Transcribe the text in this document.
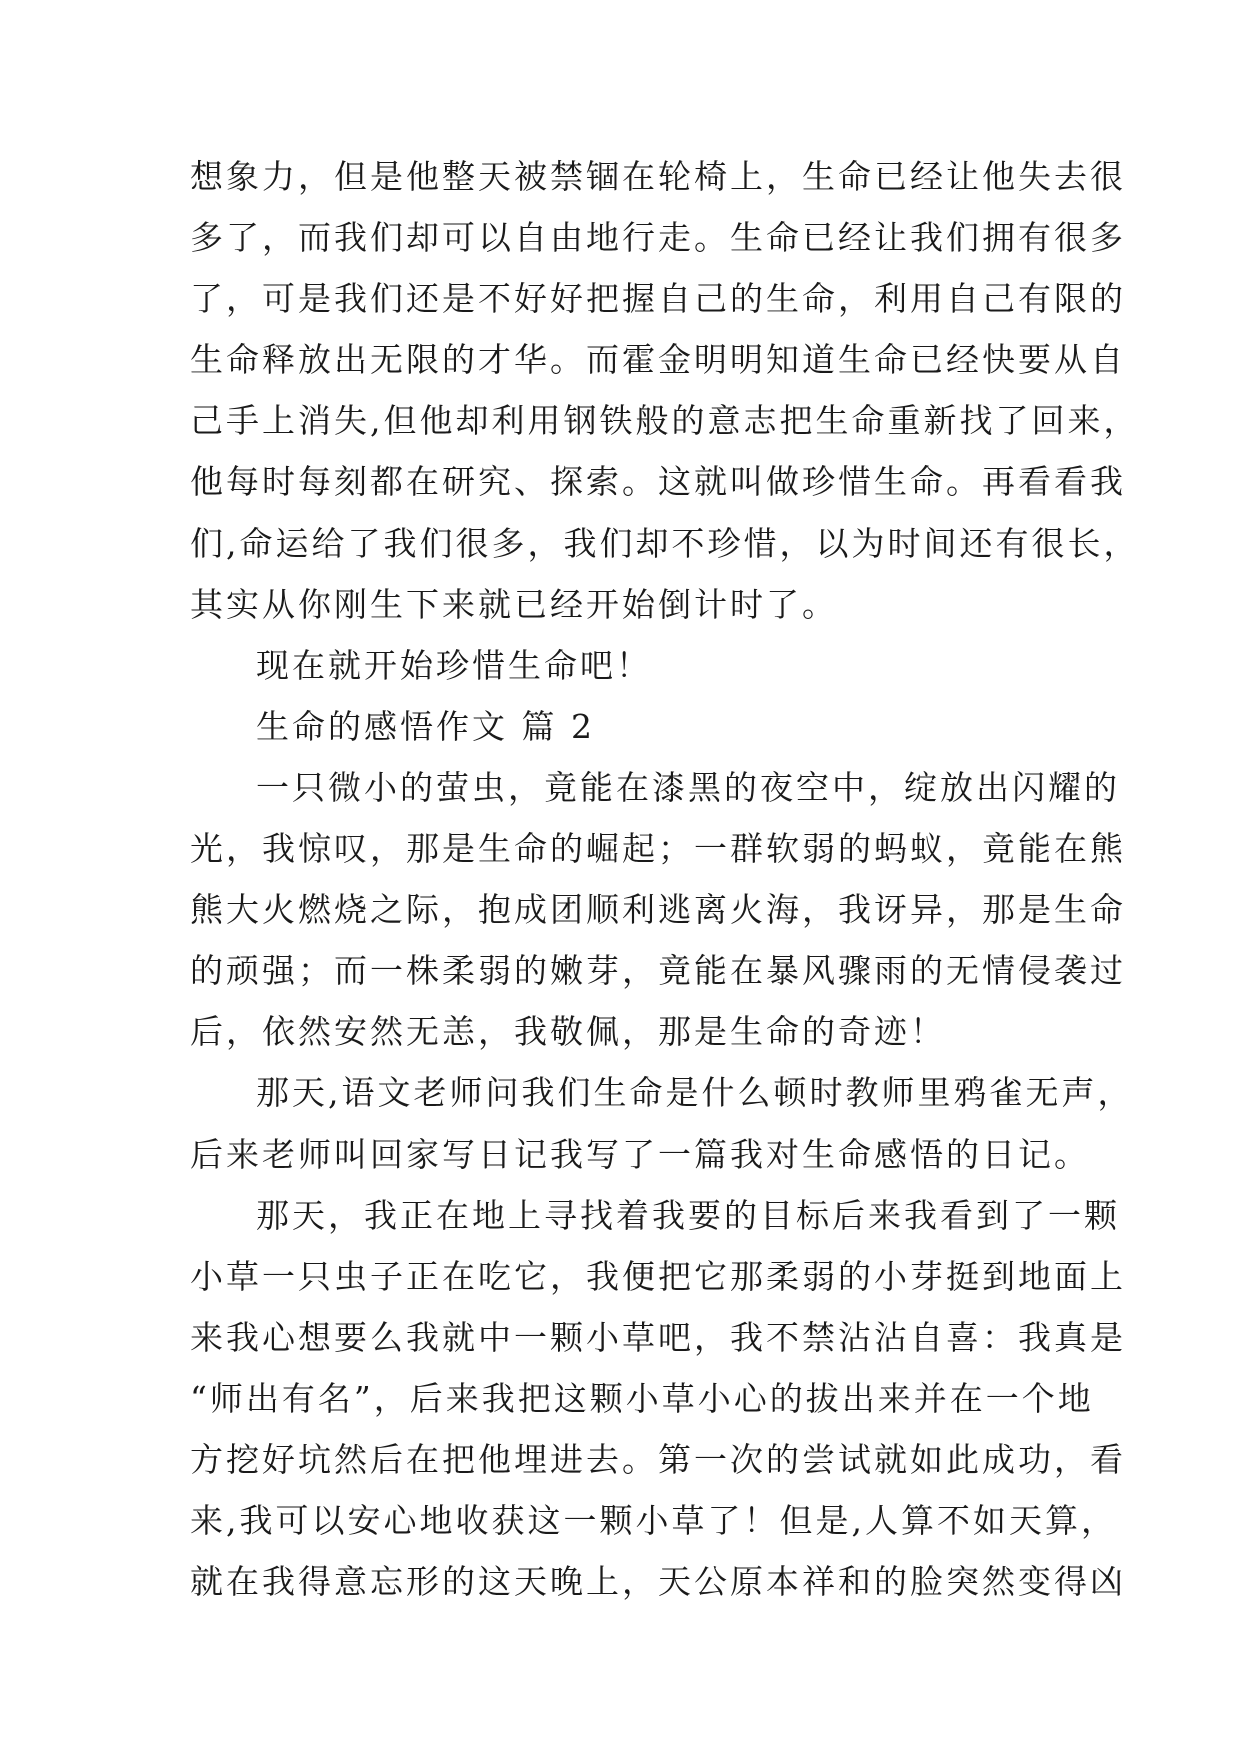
想象力，但是他整天被禁锢在轮椅上，生命已经让他失去很
多了，而我们却可以自由地行走。生命已经让我们拥有很多
了，可是我们还是不好好把握自己的生命，利用自己有限的
生命释放出无限的才华。而霍金明明知道生命已经快要从自
己手上消失,但他却利用钢铁般的意志把生命重新找了回来，
他每时每刻都在研究、探索。这就叫做珍惜生命。再看看我
们,命运给了我们很多，我们却不珍惜，以为时间还有很长，
其实从你刚生下来就已经开始倒计时了。
现在就开始珍惜生命吧！
生命的感悟作文 篇 2
一只微小的萤虫，竟能在漆黑的夜空中，绽放出闪耀的
光，我惊叹，那是生命的崛起；一群软弱的蚂蚁，竟能在熊
熊大火燃烧之际，抱成团顺利逃离火海，我讶异，那是生命
的顽强；而一株柔弱的嫩芽，竟能在暴风骤雨的无情侵袭过
后，依然安然无恙，我敬佩，那是生命的奇迹！
那天,语文老师问我们生命是什么顿时教师里鸦雀无声，
后来老师叫回家写日记我写了一篇我对生命感悟的日记。
那天，我正在地上寻找着我要的目标后来我看到了一颗
小草一只虫子正在吃它，我便把它那柔弱的小芽挺到地面上
来我心想要么我就中一颗小草吧，我不禁沾沾自喜：我真是
“师出有名”，后来我把这颗小草小心的拔出来并在一个地
方挖好坑然后在把他埋进去。第一次的尝试就如此成功，看
来,我可以安心地收获这一颗小草了！但是,人算不如天算，
就在我得意忘形的这天晚上，天公原本祥和的脸突然变得凶
